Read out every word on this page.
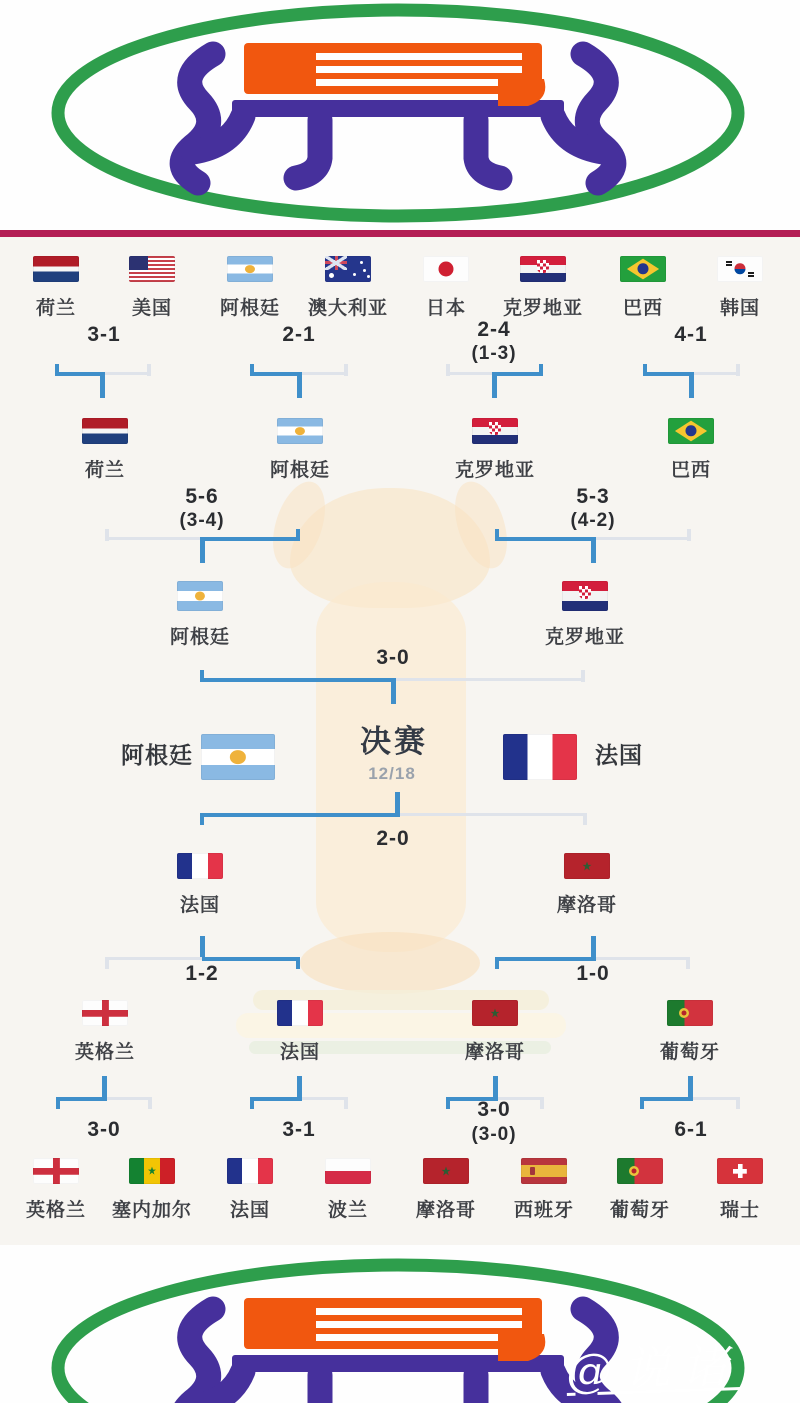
荷兰	美国	阿根廷 澳大利亚 日本 克罗地亚 巴西	韩国
3-1	2-1	2-4
(1-3)
4-1
荷兰	阿根廷	克罗地亚	巴西
5-6
(3-4)
5-3
(4-2)
阿根廷	克罗地亚
3-0
阿根廷	决赛
12/18
法国
2-0
法国	摩洛哥
1-2	1-0
英格兰	法国	摩洛哥	葡萄牙
3-0	3-1
3-0
(3-0)	6-1
英格兰 塞内加尔 法国	波兰	摩洛哥 西班牙 葡萄牙	瑞士
@说诸
